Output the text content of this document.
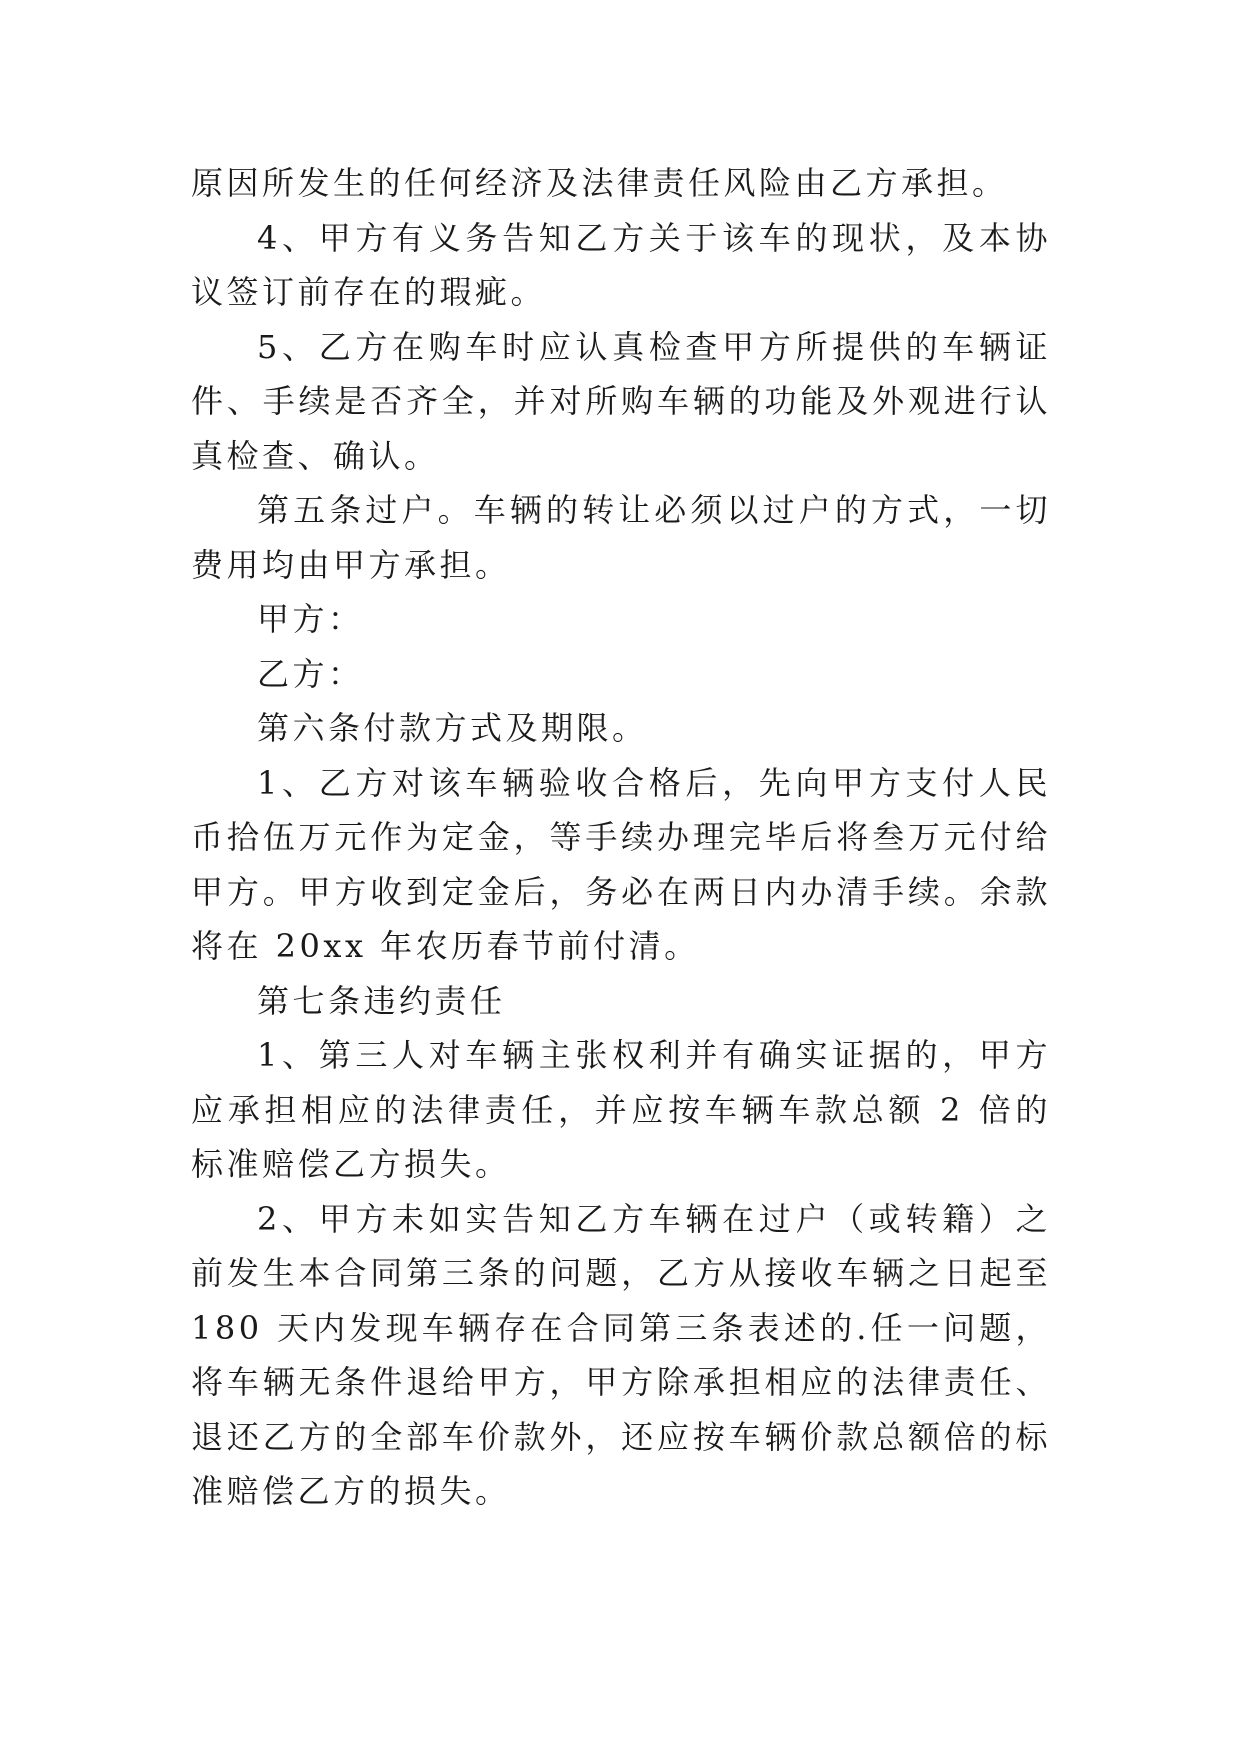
原因所发生的任何经济及法律责任风险由乙方承担。

4、甲方有义务告知乙方关于该车的现状，及本协议签订前存在的瑕疵。

5、乙方在购车时应认真检查甲方所提供的车辆证件、手续是否齐全，并对所购车辆的功能及外观进行认真检查、确认。

第五条过户。车辆的转让必须以过户的方式，一切费用均由甲方承担。

甲方：

乙方：

第六条付款方式及期限。

1、乙方对该车辆验收合格后，先向甲方支付人民币拾伍万元作为定金，等手续办理完毕后将叁万元付给甲方。甲方收到定金后，务必在两日内办清手续。余款将在 20xx 年农历春节前付清。

第七条违约责任

1、第三人对车辆主张权利并有确实证据的，甲方应承担相应的法律责任，并应按车辆车款总额 2 倍的标准赔偿乙方损失。

2、甲方未如实告知乙方车辆在过户（或转籍）之前发生本合同第三条的问题，乙方从接收车辆之日起至 180 天内发现车辆存在合同第三条表述的.任一问题，将车辆无条件退给甲方，甲方除承担相应的法律责任、退还乙方的全部车价款外，还应按车辆价款总额倍的标准赔偿乙方的损失。
